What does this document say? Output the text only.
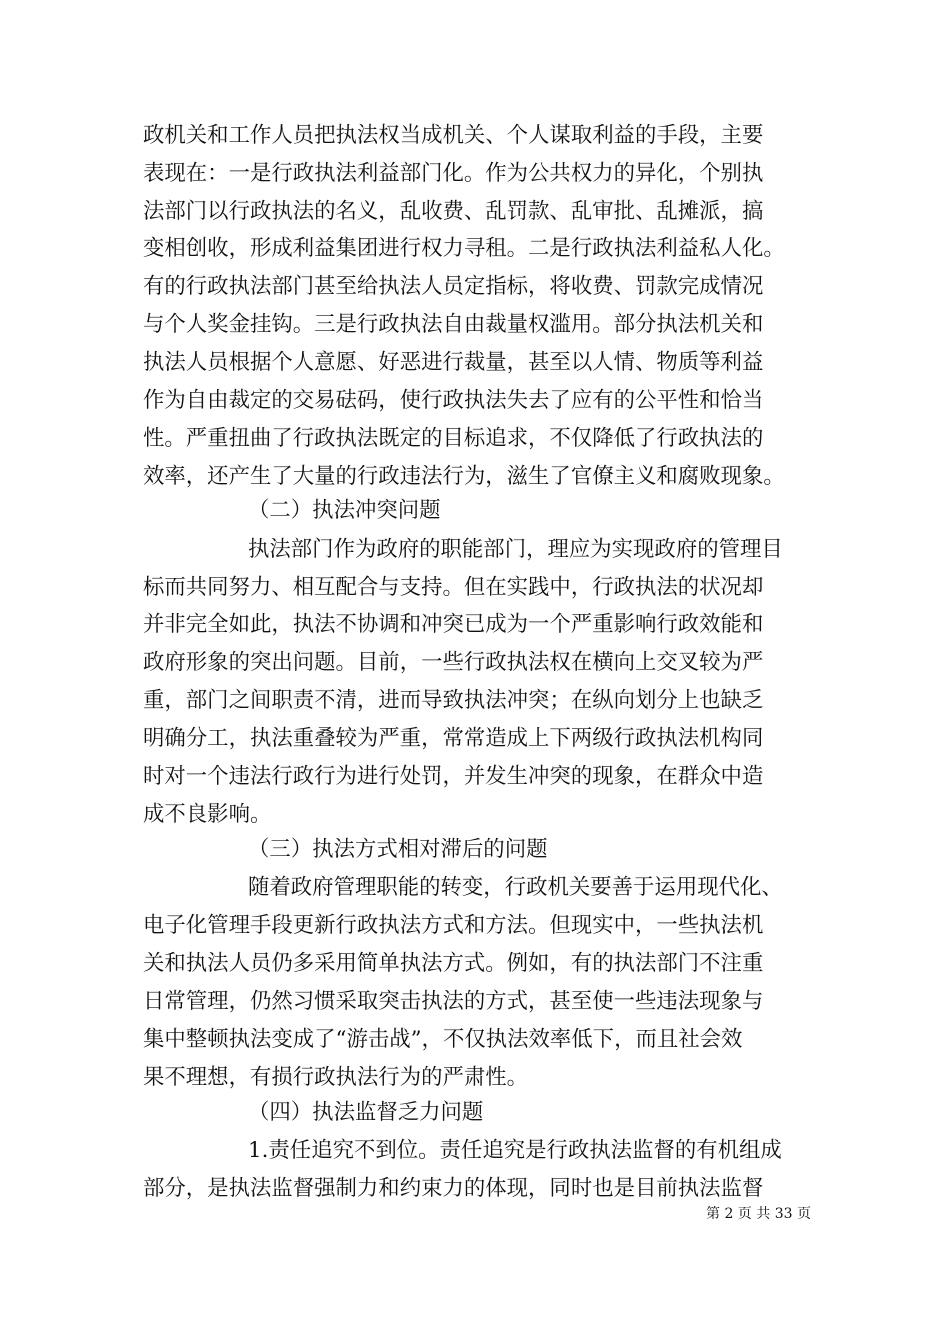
政机关和工作人员把执法权当成机关、个人谋取利益的手段，主要
表现在：一是行政执法利益部门化。作为公共权力的异化，个别执
法部门以行政执法的名义，乱收费、乱罚款、乱审批、乱摊派，搞
变相创收，形成利益集团进行权力寻租。二是行政执法利益私人化。
有的行政执法部门甚至给执法人员定指标，将收费、罚款完成情况
与个人奖金挂钩。三是行政执法自由裁量权滥用。部分执法机关和
执法人员根据个人意愿、好恶进行裁量，甚至以人情、物质等利益
作为自由裁定的交易砝码，使行政执法失去了应有的公平性和恰当
性。严重扭曲了行政执法既定的目标追求，不仅降低了行政执法的
效率，还产生了大量的行政违法行为，滋生了官僚主义和腐败现象。
（二）执法冲突问题
执法部门作为政府的职能部门，理应为实现政府的管理目
标而共同努力、相互配合与支持。但在实践中，行政执法的状况却
并非完全如此，执法不协调和冲突已成为一个严重影响行政效能和
政府形象的突出问题。目前，一些行政执法权在横向上交叉较为严
重，部门之间职责不清，进而导致执法冲突；在纵向划分上也缺乏
明确分工，执法重叠较为严重，常常造成上下两级行政执法机构同
时对一个违法行政行为进行处罚，并发生冲突的现象，在群众中造
成不良影响。
（三）执法方式相对滞后的问题
随着政府管理职能的转变，行政机关要善于运用现代化、
电子化管理手段更新行政执法方式和方法。但现实中，一些执法机
关和执法人员仍多采用简单执法方式。例如，有的执法部门不注重
日常管理，仍然习惯采取突击执法的方式，甚至使一些违法现象与
集中整顿执法变成了“游击战”，不仅执法效率低下，而且社会效
果不理想，有损行政执法行为的严肃性。
（四）执法监督乏力问题
1.责任追究不到位。责任追究是行政执法监督的有机组成
部分，是执法监督强制力和约束力的体现，同时也是目前执法监督
第 2 页 共 33 页
